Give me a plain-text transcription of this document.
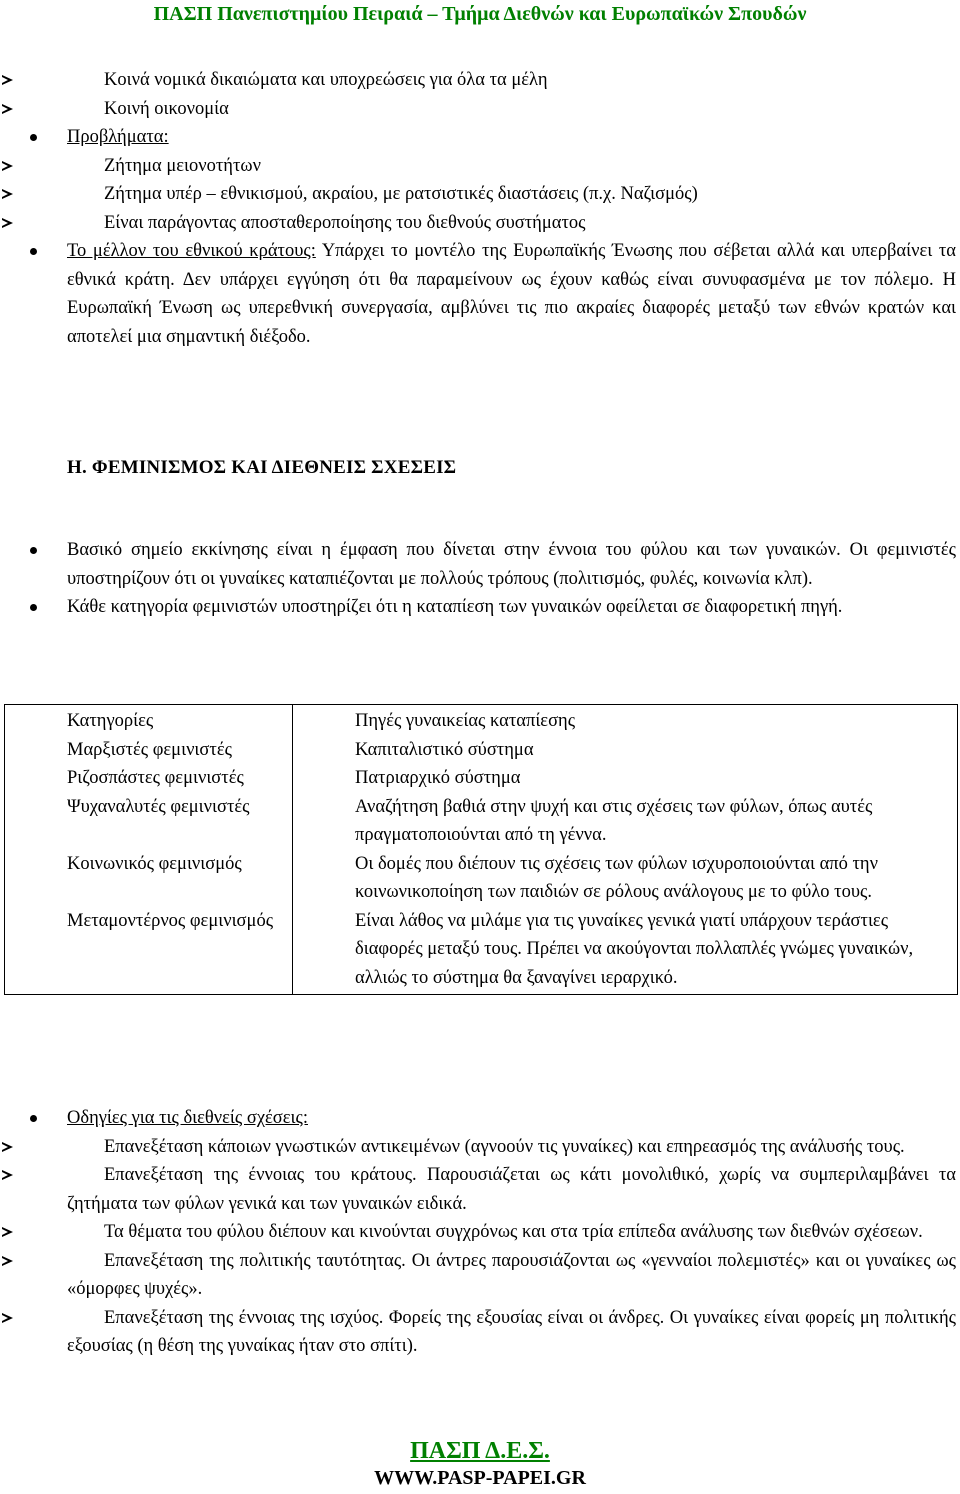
ΠΑΣΠ Πανεπιστημίου Πειραιά – Τμήμα Διεθνών και Ευρωπαϊκών Σπουδών
Κοινά νομικά δικαιώματα και υποχρεώσεις για όλα τα μέλη
Κοινή οικονομία
Προβλήματα:
Ζήτημα μειονοτήτων
Ζήτημα υπέρ – εθνικισμού, ακραίου, με ρατσιστικές διαστάσεις (π.χ. Ναζισμός)
Είναι παράγοντας αποσταθεροποίησης του διεθνούς συστήματος
Το μέλλον του εθνικού κράτους: Υπάρχει το μοντέλο της Ευρωπαϊκής Ένωσης που σέβεται αλλά και υπερβαίνει τα εθνικά κράτη. Δεν υπάρχει εγγύηση ότι θα παραμείνουν ως έχουν καθώς είναι συνυφασμένα με τον πόλεμο. Η Ευρωπαϊκή Ένωση ως υπερεθνική συνεργασία, αμβλύνει τις πιο ακραίες διαφορές μεταξύ των εθνών κρατών και αποτελεί μια σημαντική διέξοδο.
Η. ΦΕΜΙΝΙΣΜΟΣ ΚΑΙ ΔΙΕΘΝΕΙΣ ΣΧΕΣΕΙΣ
Βασικό σημείο εκκίνησης είναι η έμφαση που δίνεται στην έννοια του φύλου και των γυναικών. Οι φεμινιστές υποστηρίζουν ότι οι γυναίκες καταπιέζονται με πολλούς τρόπους (πολιτισμός, φυλές, κοινωνία κλπ).
Κάθε κατηγορία φεμινιστών υποστηρίζει ότι η καταπίεση των γυναικών οφείλεται σε διαφορετική πηγή.
Κατηγορίες	Πηγές γυναικείας καταπίεσης
Μαρξιστές φεμινιστές	Καπιταλιστικό σύστημα
Ριζοσπάστες φεμινιστές	Πατριαρχικό σύστημα
Ψυχαναλυτές φεμινιστές	Αναζήτηση βαθιά στην ψυχή και στις σχέσεις των φύλων, όπως αυτές πραγματοποιούνται από τη γέννα.
Κοινωνικός φεμινισμός	Οι δομές που διέπουν τις σχέσεις των φύλων ισχυροποιούνται από την κοινωνικοποίηση των παιδιών σε ρόλους ανάλογους με το φύλο τους.
Μεταμοντέρνος φεμινισμός	Είναι λάθος να μιλάμε για τις γυναίκες γενικά γιατί υπάρχουν τεράστιες διαφορές μεταξύ τους. Πρέπει να ακούγονται πολλαπλές γνώμες γυναικών, αλλιώς το σύστημα θα ξαναγίνει ιεραρχικό.
Οδηγίες για τις διεθνείς σχέσεις:
Επανεξέταση κάποιων γνωστικών αντικειμένων (αγνοούν τις γυναίκες) και επηρεασμός της ανάλυσής τους.
Επανεξέταση της έννοιας του κράτους. Παρουσιάζεται ως κάτι μονολιθικό, χωρίς να συμπεριλαμβάνει τα ζητήματα των φύλων γενικά και των γυναικών ειδικά.
Τα θέματα του φύλου διέπουν και κινούνται συγχρόνως και στα τρία επίπεδα ανάλυσης των διεθνών σχέσεων.
Επανεξέταση της πολιτικής ταυτότητας. Οι άντρες παρουσιάζονται ως «γενναίοι πολεμιστές» και οι γυναίκες ως «όμορφες ψυχές».
Επανεξέταση της έννοιας της ισχύος. Φορείς της εξουσίας είναι οι άνδρες. Οι γυναίκες είναι φορείς μη πολιτικής εξουσίας (η θέση της γυναίκας ήταν στο σπίτι).
ΠΑΣΠ Δ.Ε.Σ.
WWW.PASP-PAPEI.GR
